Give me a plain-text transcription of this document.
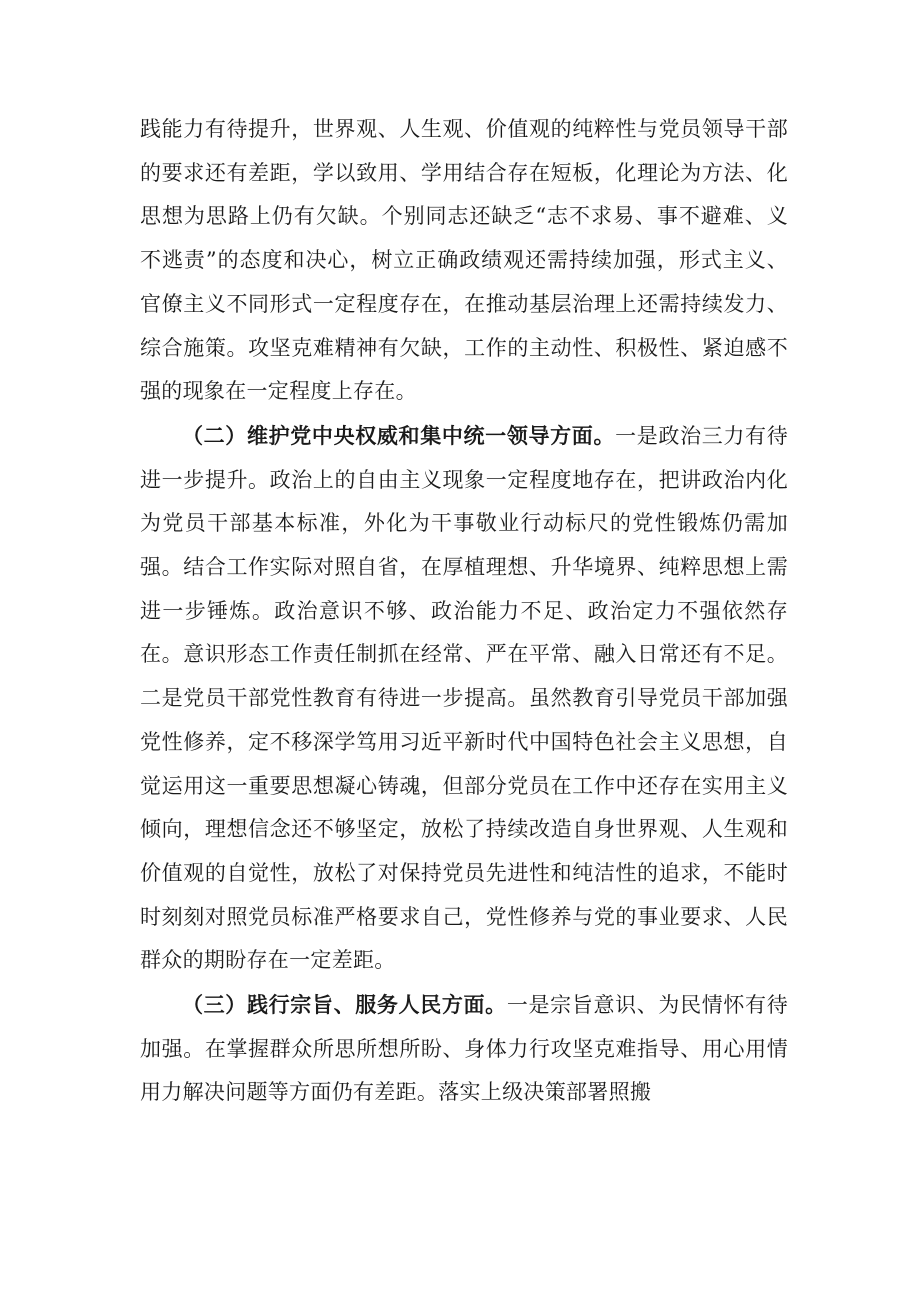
践能力有待提升，世界观、人生观、价值观的纯粹性与党员领导干部的要求还有差距，学以致用、学用结合存在短板，化理论为方法、化思想为思路上仍有欠缺。个别同志还缺乏“志不求易、事不避难、义不逃责”的态度和决心，树立正确政绩观还需持续加强，形式主义、官僚主义不同形式一定程度存在，在推动基层治理上还需持续发力、综合施策。攻坚克难精神有欠缺，工作的主动性、积极性、紧迫感不强的现象在一定程度上存在。

（二）维护党中央权威和集中统一领导方面。一是政治三力有待进一步提升。政治上的自由主义现象一定程度地存在，把讲政治内化为党员干部基本标准，外化为干事敬业行动标尺的党性锻炼仍需加强。结合工作实际对照自省，在厚植理想、升华境界、纯粹思想上需进一步锤炼。政治意识不够、政治能力不足、政治定力不强依然存在。意识形态工作责任制抓在经常、严在平常、融入日常还有不足。二是党员干部党性教育有待进一步提高。虽然教育引导党员干部加强党性修养，定不移深学笃用习近平新时代中国特色社会主义思想，自觉运用这一重要思想凝心铸魂，但部分党员在工作中还存在实用主义倾向，理想信念还不够坚定，放松了持续改造自身世界观、人生观和价值观的自觉性，放松了对保持党员先进性和纯洁性的追求，不能时时刻刻对照党员标准严格要求自己，党性修养与党的事业要求、人民群众的期盼存在一定差距。

（三）践行宗旨、服务人民方面。一是宗旨意识、为民情怀有待加强。在掌握群众所思所想所盼、身体力行攻坚克难指导、用心用情用力解决问题等方面仍有差距。落实上级决策部署照搬
